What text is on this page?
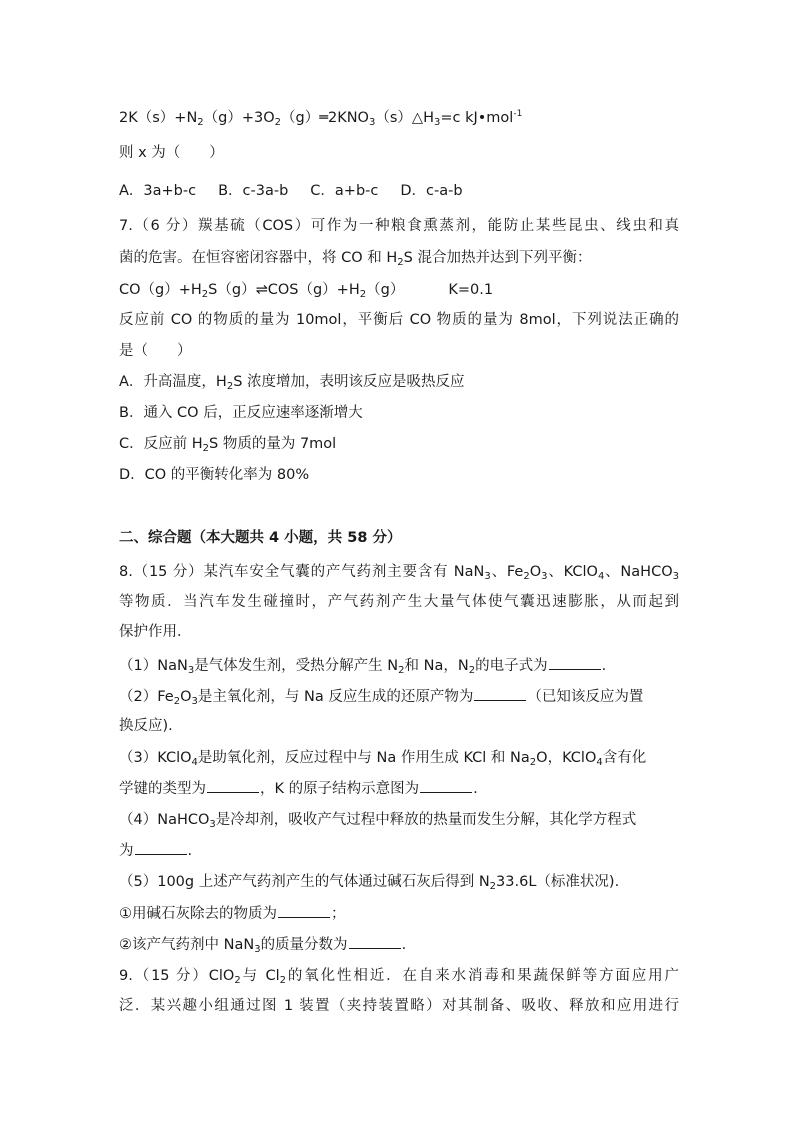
$2K(s)+N_2(g)+3O_2(g)═2KNO_3(s)\triangle H_3=c$ kJ•mol$^{-1}$
则 x 为（　　）
A．3a+b-c B．c-3a-b C．a+b-c D．c-a-b
7.（6 分）羰基硫（COS）可作为一种粮食熏蒸剂，能防止某些昆虫、线虫和真
菌的危害。在恒容密闭容器中，将 CO 和 $H_2S$ 混合加热并达到下列平衡：
$CO(g)+H_2S(g)\rightleftharpoons COS(g)+H_2(g)$	K=0.1
反应前 CO 的物质的量为 10mol，平衡后 CO 物质的量为 8mol，下列说法正确的
是（　　）
A．升高温度，$H_2S$ 浓度增加，表明该反应是吸热反应
B．通入 CO 后，正反应速率逐渐增大
C．反应前 $H_2S$ 物质的量为 7mol
D．CO 的平衡转化率为 80%
二、综合题（本大题共 4 小题，共 58 分）
8.（15 分）某汽车安全气囊的产气药剂主要含有 NaN$_3$、$Fe_2O_3$、KClO$_4$、NaHCO$_3$
等物质．当汽车发生碰撞时，产气药剂产生大量气体使气囊迅速膨胀，从而起到
保护作用．
（1）NaN$_3$是气体发生剂，受热分解产生 $N_2$和 Na，$N_2$的电子式为	.
$(2)Fe_2O_3$是主氧化剂，与 Na 反应生成的还原产物为	（已知该反应为置
换反应).
（3）KClO$_4$是助氧化剂，反应过程中与 Na 作用生成 KCl 和 $Na_2O$，KClO$_4$含有化
学键的类型为	，K 的原子结构示意图为	.
（4）NaHCO$_3$是冷却剂，吸收产气过程中释放的热量而发生分解，其化学方程式
为	.
（5）100g 上述产气药剂产生的气体通过碱石灰后得到 $N_233.6L$（标准状况).
①用碱石灰除去的物质为	；
②该产气药剂中 NaN$_3$的质量分数为	.
9.（15 分）ClO$_2$与 $Cl_2$的氧化性相近．在自来水消毒和果蔬保鲜等方面应用广
泛．某兴趣小组通过图 1 装置（夹持装置略）对其制备、吸收、释放和应用进行
